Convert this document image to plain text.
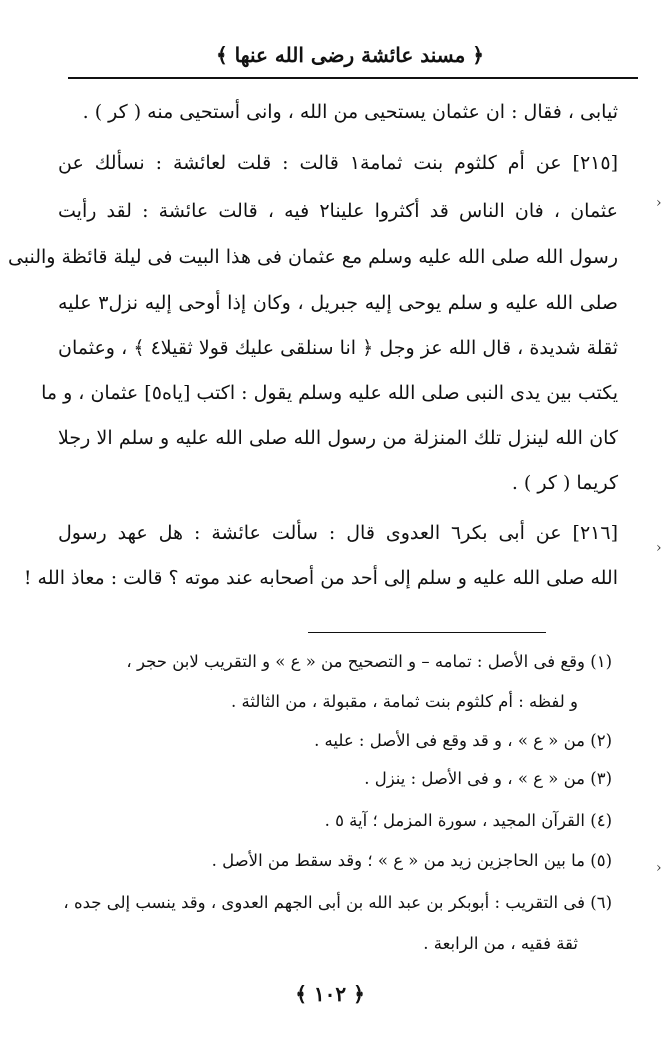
﴿ مسند عائشة رضى الله عنها ﴾
ثيابى ، فقال : ان عثمان يستحيى من الله ، وانى أستحيى منه ( كر ) .
[٢١٥] عن أم كلثوم بنت ثمامة١ قالت : قلت لعائشة : نسألك عن
عثمان ، فان الناس قد أكثروا علينا٢ فيه ، قالت عائشة : لقد رأيت
رسول الله صلى الله عليه وسلم مع عثمان فى هذا البيت فى ليلة قائظة والنبى
صلى الله عليه و سلم يوحى إليه جبريل ، وكان إذا أوحى إليه نزل٣ عليه
ثقلة شديدة ، قال الله عز وجل ﴿ انا سنلقى عليك قولا ثقيلا٤ ﴾ ، وعثمان
يكتب بين يدى النبى صلى الله عليه وسلم يقول : اكتب [ياه٥] عثمان ، و ما
كان الله لينزل تلك المنزلة من رسول الله صلى الله عليه و سلم الا رجلا
كريما ( كر ) .
[٢١٦] عن أبى بكر٦ العدوى قال : سألت عائشة : هل عهد رسول
الله صلى الله عليه و سلم إلى أحد من أصحابه عند موته ؟ قالت : معاذ الله !
(١) وقع فى الأصل : تمامه – و التصحيح من « ع » و التقريب لابن حجر ،
و لفظه : أم كلثوم بنت ثمامة ، مقبولة ، من الثالثة .
(٢) من « ع » ، و قد وقع فى الأصل : عليه .
(٣) من « ع » ، و فى الأصل : ينزل .
(٤) القرآن المجيد ، سورة المزمل ؛ آية ٥ .
(٥) ما بين الحاجزين زيد من « ع » ؛ وقد سقط من الأصل .
(٦) فى التقريب : أبوبكر بن عبد الله بن أبى الجهم العدوى ، وقد ينسب إلى جده ،
ثقة فقيه ، من الرابعة .
﴿ ١٠٢ ﴾
›
›
›
